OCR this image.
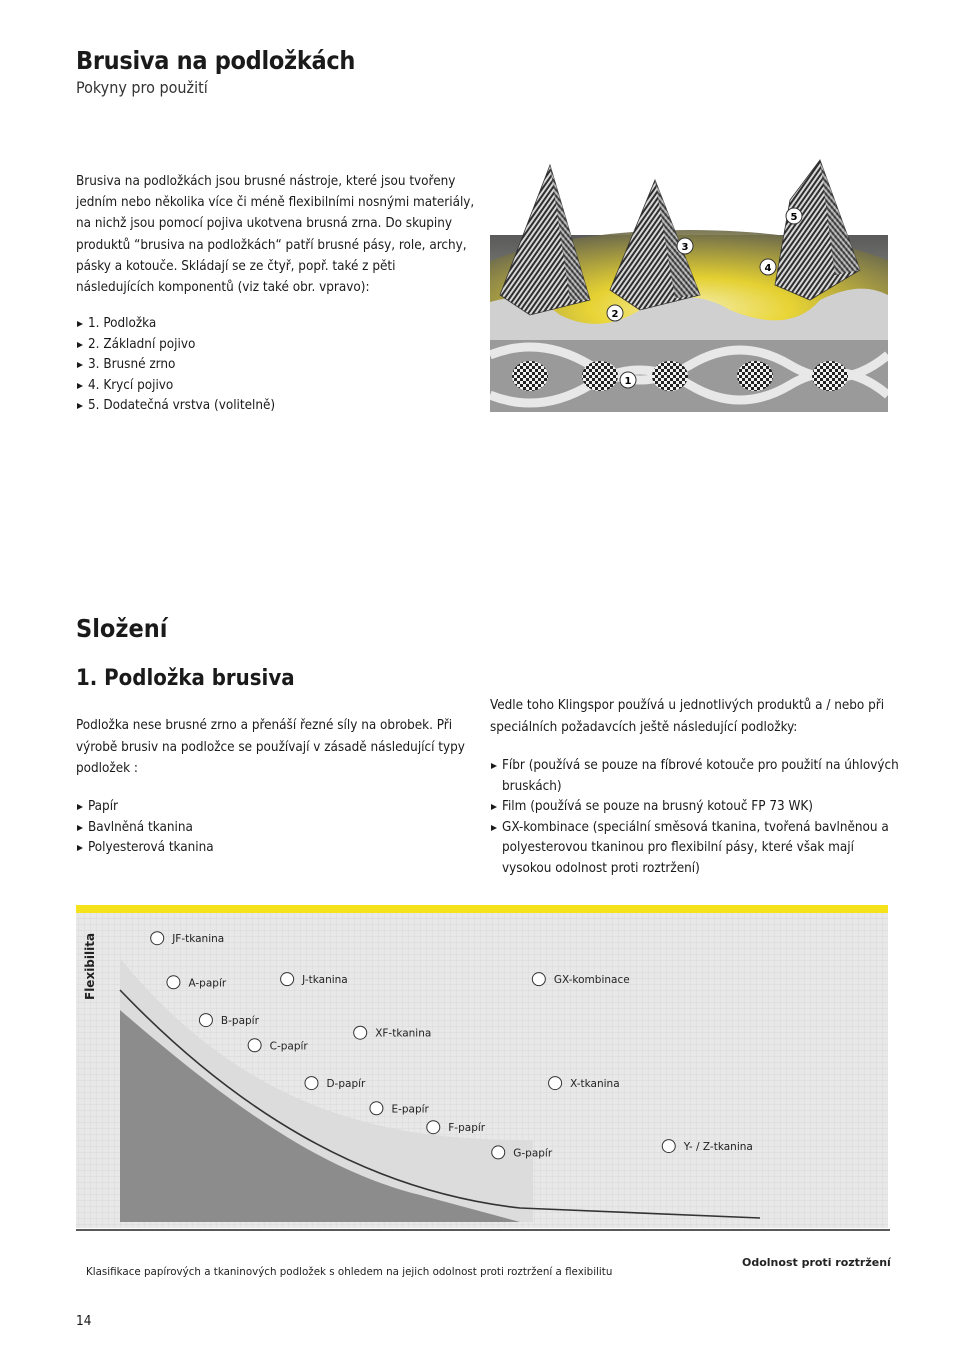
Brusiva na podložkách
Pokyny pro použití

Brusiva na podložkách jsou brusné nástroje, které jsou tvořeny jedním nebo několika více či méně flexibilními nosnými materiály, na nichž jsou pomocí pojiva ukotvena brusná zrna. Do skupiny produktů “brusiva na podložkách“ patří brusné pásy, role, archy, pásky a kotouče. Skládají se ze čtyř, popř. také z pěti následujících komponentů (viz také obr. vpravo):

1. Podložka
2. Základní pojivo
3. Brusné zrno
4. Krycí pojivo
5. Dodatečná vrstva (volitelně)
1
2
3
4
5
Složení
1. Podložka brusiva

Podložka nese brusné zrno a přenáší řezné síly na obrobek. Při výrobě brusiv na podložce se používají v zásadě následující typy podložek :

Papír
Bavlněná tkanina
Polyesterová tkanina

Vedle toho Klingspor používá u jednotlivých produktů a / nebo při speciálních požadavcích ještě následující podložky:

Fíbr (používá se pouze na fíbrové kotouče pro použití na úhlových bruskách)
Film (používá se pouze na brusný kotouč FP 73 WK)
GX-kombinace (speciální směsová tkanina, tvořená bavlněnou a polyesterovou tkaninou pro flexibilní pásy, které však mají vysokou odolnost proti roztržení)
JF-tkanina
A-papír	J-tkanina	GX-kombinace
B-papír
XF-tkanina
C-papír
D-papír	X-tkanina
E-papír
F-papír
G-papír
Y- / Z-tkanina
Flexibilita
Odolnost proti roztržení
Klasifikace papírových a tkaninových podložek s ohledem na jejich odolnost proti roztržení a flexibilitu
14
